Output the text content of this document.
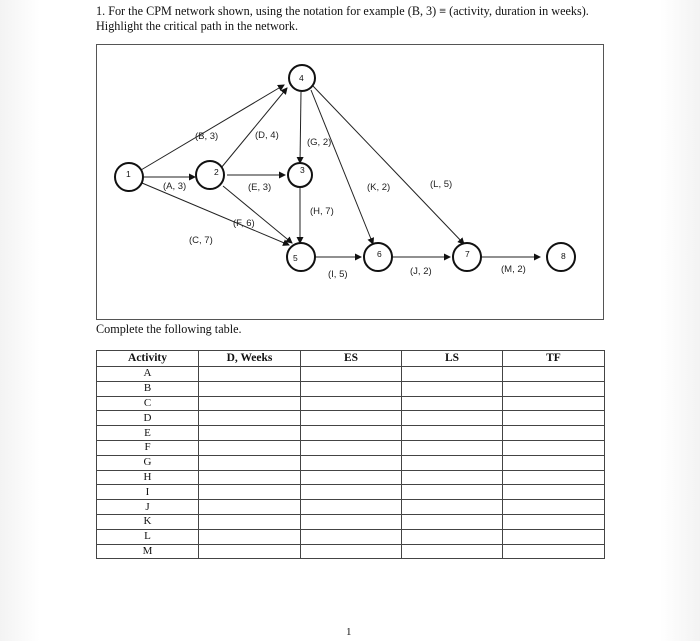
1. For the CPM network shown, using the notation for example (B, 3) ≡ (activity, duration in weeks). Highlight the critical path in the network.
(A, 3)
(B, 3)
(C, 7)
(D, 4)
(E, 3)
(F, 6)
(G, 2)
(H, 7)
(I, 5)	(J, 2)
(K, 2)	(L, 5)
(M, 2)
1	2	3
4
5	6	7	8
Complete the following table.
Activity	D, Weeks	ES	LS	TF
A				
B				
C				
D				
E				
F				
G				
H				
I				
J				
K				
L				
M				
1
